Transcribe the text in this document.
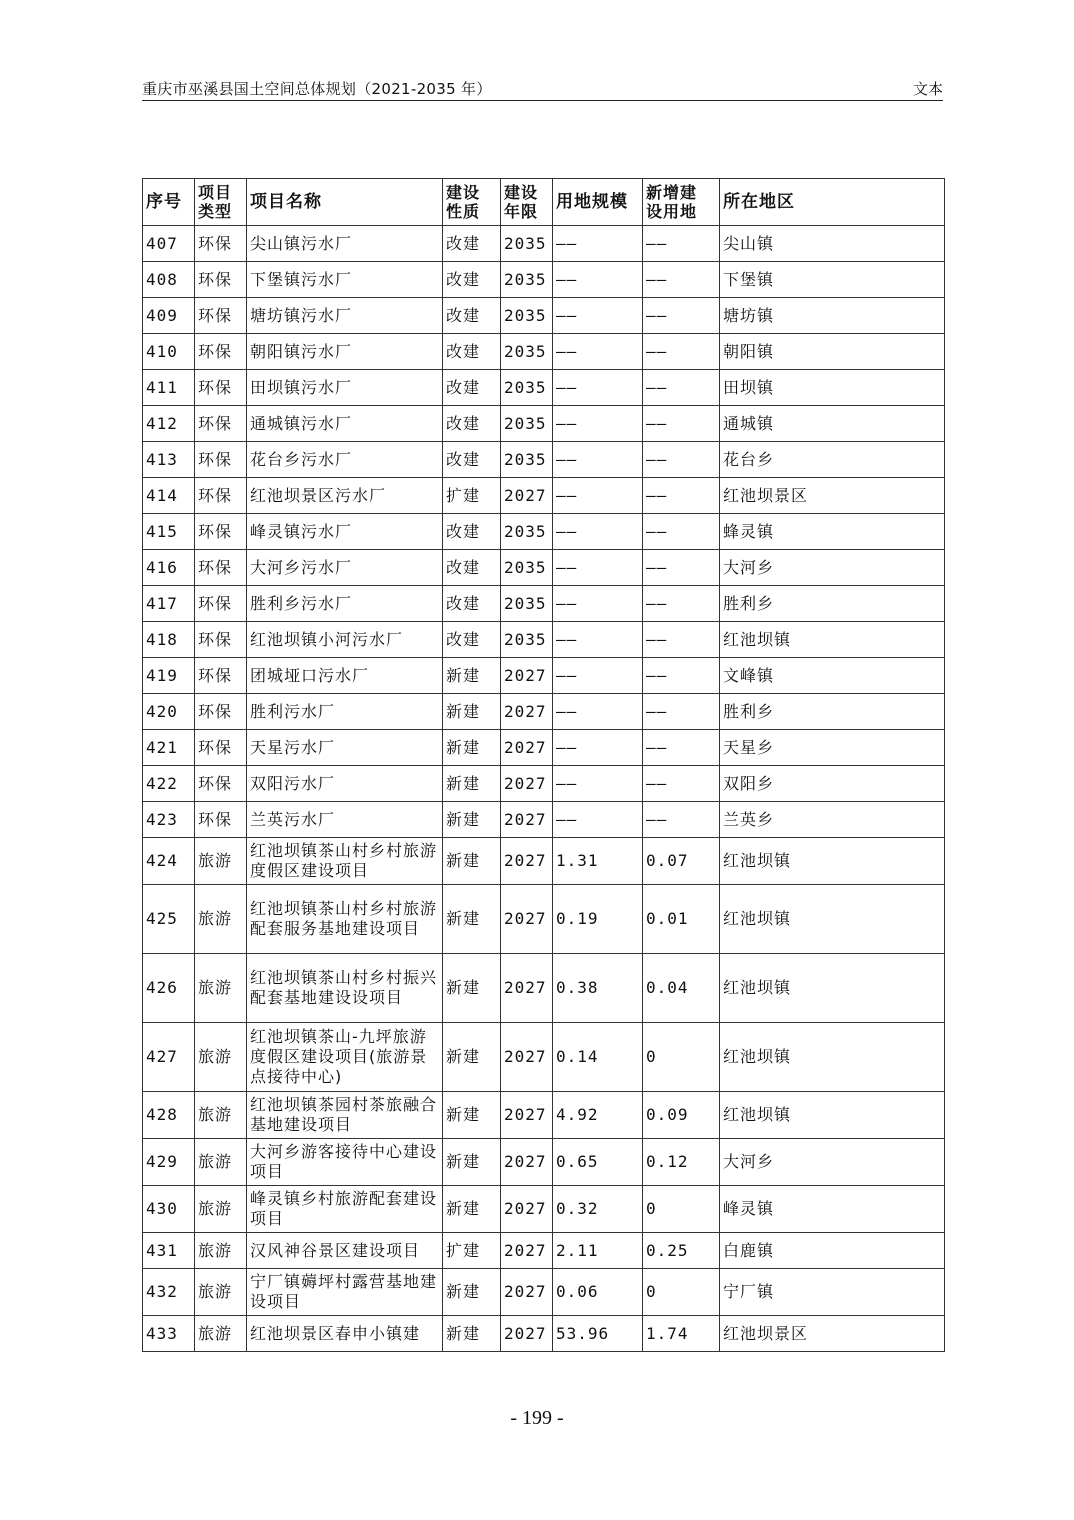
重庆市巫溪县国土空间总体规划（2021-2035 年）	文本
序号	项目类型	项目名称	建设性质	建设年限	用地规模	新增建设用地	所在地区
407	环保	尖山镇污水厂	改建	2035	——	——	尖山镇
408	环保	下堡镇污水厂	改建	2035	——	——	下堡镇
409	环保	塘坊镇污水厂	改建	2035	——	——	塘坊镇
410	环保	朝阳镇污水厂	改建	2035	——	——	朝阳镇
411	环保	田坝镇污水厂	改建	2035	——	——	田坝镇
412	环保	通城镇污水厂	改建	2035	——	——	通城镇
413	环保	花台乡污水厂	改建	2035	——	——	花台乡
414	环保	红池坝景区污水厂	扩建	2027	——	——	红池坝景区
415	环保	峰灵镇污水厂	改建	2035	——	——	蜂灵镇
416	环保	大河乡污水厂	改建	2035	——	——	大河乡
417	环保	胜利乡污水厂	改建	2035	——	——	胜利乡
418	环保	红池坝镇小河污水厂	改建	2035	——	——	红池坝镇
419	环保	团城垭口污水厂	新建	2027	——	——	文峰镇
420	环保	胜利污水厂	新建	2027	——	——	胜利乡
421	环保	天星污水厂	新建	2027	——	——	天星乡
422	环保	双阳污水厂	新建	2027	——	——	双阳乡
423	环保	兰英污水厂	新建	2027	——	——	兰英乡
424	旅游	红池坝镇茶山村乡村旅游度假区建设项目	新建	2027	1.31	0.07	红池坝镇
425	旅游	红池坝镇茶山村乡村旅游配套服务基地建设项目	新建	2027	0.19	0.01	红池坝镇
426	旅游	红池坝镇茶山村乡村振兴配套基地建设设项目	新建	2027	0.38	0.04	红池坝镇
427	旅游	红池坝镇茶山-九坪旅游度假区建设项目(旅游景点接待中心)	新建	2027	0.14	0	红池坝镇
428	旅游	红池坝镇茶园村茶旅融合基地建设项目	新建	2027	4.92	0.09	红池坝镇
429	旅游	大河乡游客接待中心建设项目	新建	2027	0.65	0.12	大河乡
430	旅游	峰灵镇乡村旅游配套建设项目	新建	2027	0.32	0	峰灵镇
431	旅游	汉风神谷景区建设项目	扩建	2027	2.11	0.25	白鹿镇
432	旅游	宁厂镇薅坪村露营基地建设项目	新建	2027	0.06	0	宁厂镇
433	旅游	红池坝景区春申小镇建	新建	2027	53.96	1.74	红池坝景区
- 199 -
